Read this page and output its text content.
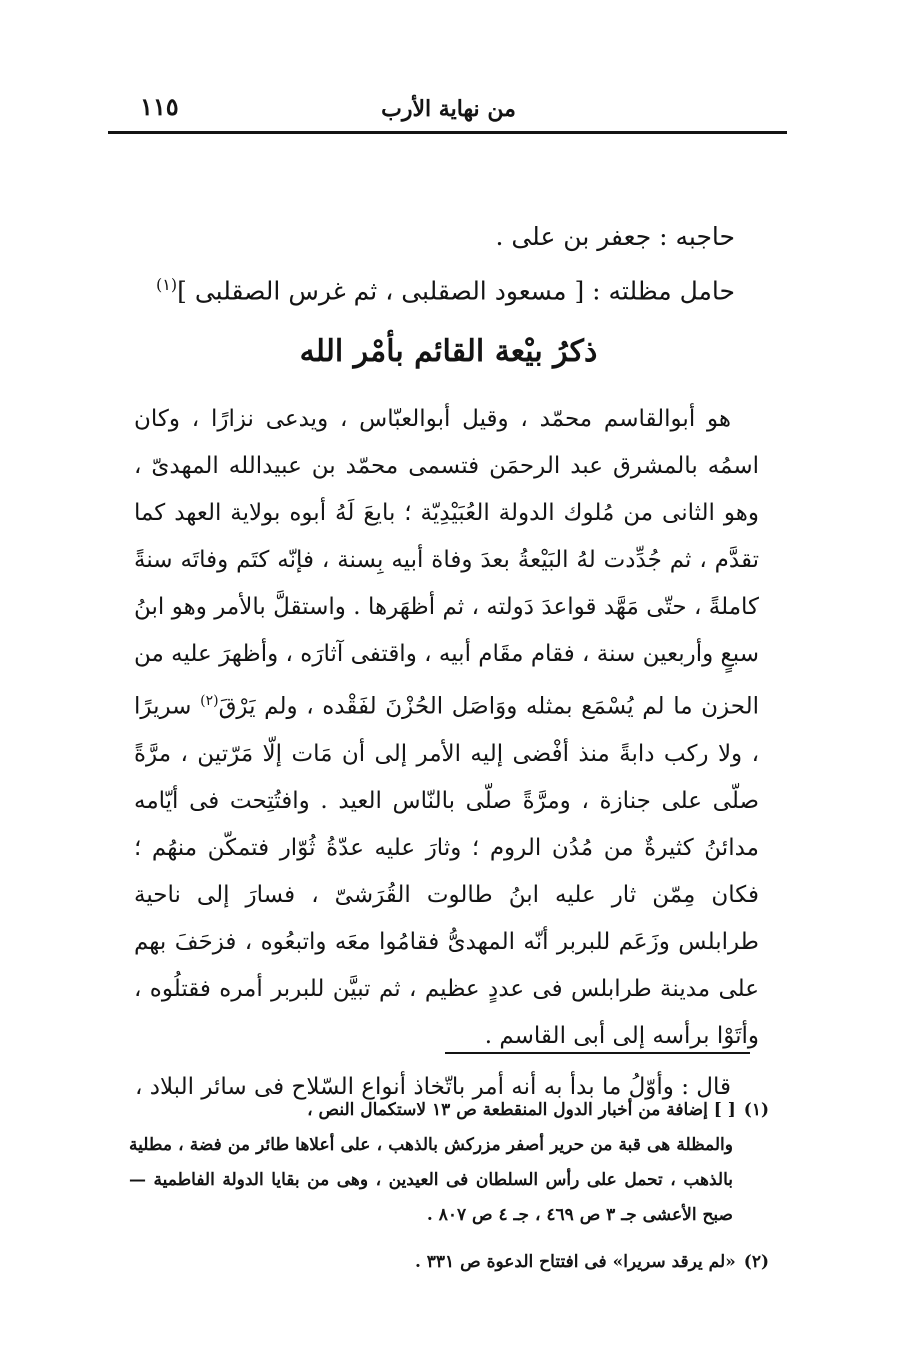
من نهاية الأرب
١١٥
حاجبه : جعفر بن على .
حامل مظلته : [ مسعود الصقلبى ، ثم غرس الصقلبى ]$^{(١)}$
ذكرُ بيْعة القائم بأمْر الله

هو أبوالقاسم محمّد ، وقيل أبوالعبّاس ، ويدعى نزارًا ، وكان اسمُه بالمشرق عبد الرحمَن فتسمى محمّد بن عبيدالله المهدىّ ، وهو الثانى من مُلوك الدولة العُبَيْدِيّة ؛ بايعَ لَهُ أبوه بولاية العهد كما تقدَّم ، ثم جُدِّدت لهُ البَيْعةُ بعدَ وفاة أبيه بِسنة ، فإنّه كتَم وفاتَه سنةً كاملةً ، حتّى مَهَّد قواعدَ دَولته ، ثم أظهَرها . واستقلَّ بالأمر وهو ابنُ سبعٍ وأربعين سنة ، فقام مقَام أبيه ، واقتفى آثارَه ، وأظهرَ عليه من الحزن ما لم يُسْمَع بمثله ووَاصَل الحُزْنَ لفَقْده ، ولم يَرْقَ$^{(٢)}$ سريرًا ، ولا ركب دابةً منذ أفْضى إليه الأمر إلى أن مَات إلّا مَرّتين ، مرَّةً صلّى على جنازة ، ومرَّةً صلّى بالنّاس العيد . وافتُتِحت فى أيّامه مدائنُ كثيرةٌ من مُدُن الروم ؛ وثارَ عليه عدّةُ ثُوّار فتمكّن منهُم ؛ فكان مِمّن ثار عليه ابنُ طالوت القُرَشىّ ، فسارَ إلى ناحية طرابلس وزَعَم للبربر أنّه المهدىُّ فقامُوا معَه واتبعُوه ، فزحَفَ بهم على مدينة طرابلس فى عددٍ عظيم ، ثم تبيَّن للبربر أمره فقتلُوه ، وأتَوْا برأسه إلى أبى القاسم .

قال : وأوّلُ ما بدأ به أنه أمر باتّخاذ أنواع السّلاح فى سائر البلاد ،

(١)[ ] إضافة من أخبار الدول المنقطعة ص ١٣ لاستكمال النص ،

والمظلة هى قبة من حرير أصفر مزركش بالذهب ، على أعلاها طائر من فضة ، مطلية بالذهب ، تحمل على رأس السلطان فى العيدين ، وهى من بقايا الدولة الفاطمية — صبح الأعشى جـ ٣ ص ٤٦٩ ، جـ ٤ ص ٨٠٧ .

(٢)«لم يرقد سريرا» فى افتتاح الدعوة ص ٣٣١ .
